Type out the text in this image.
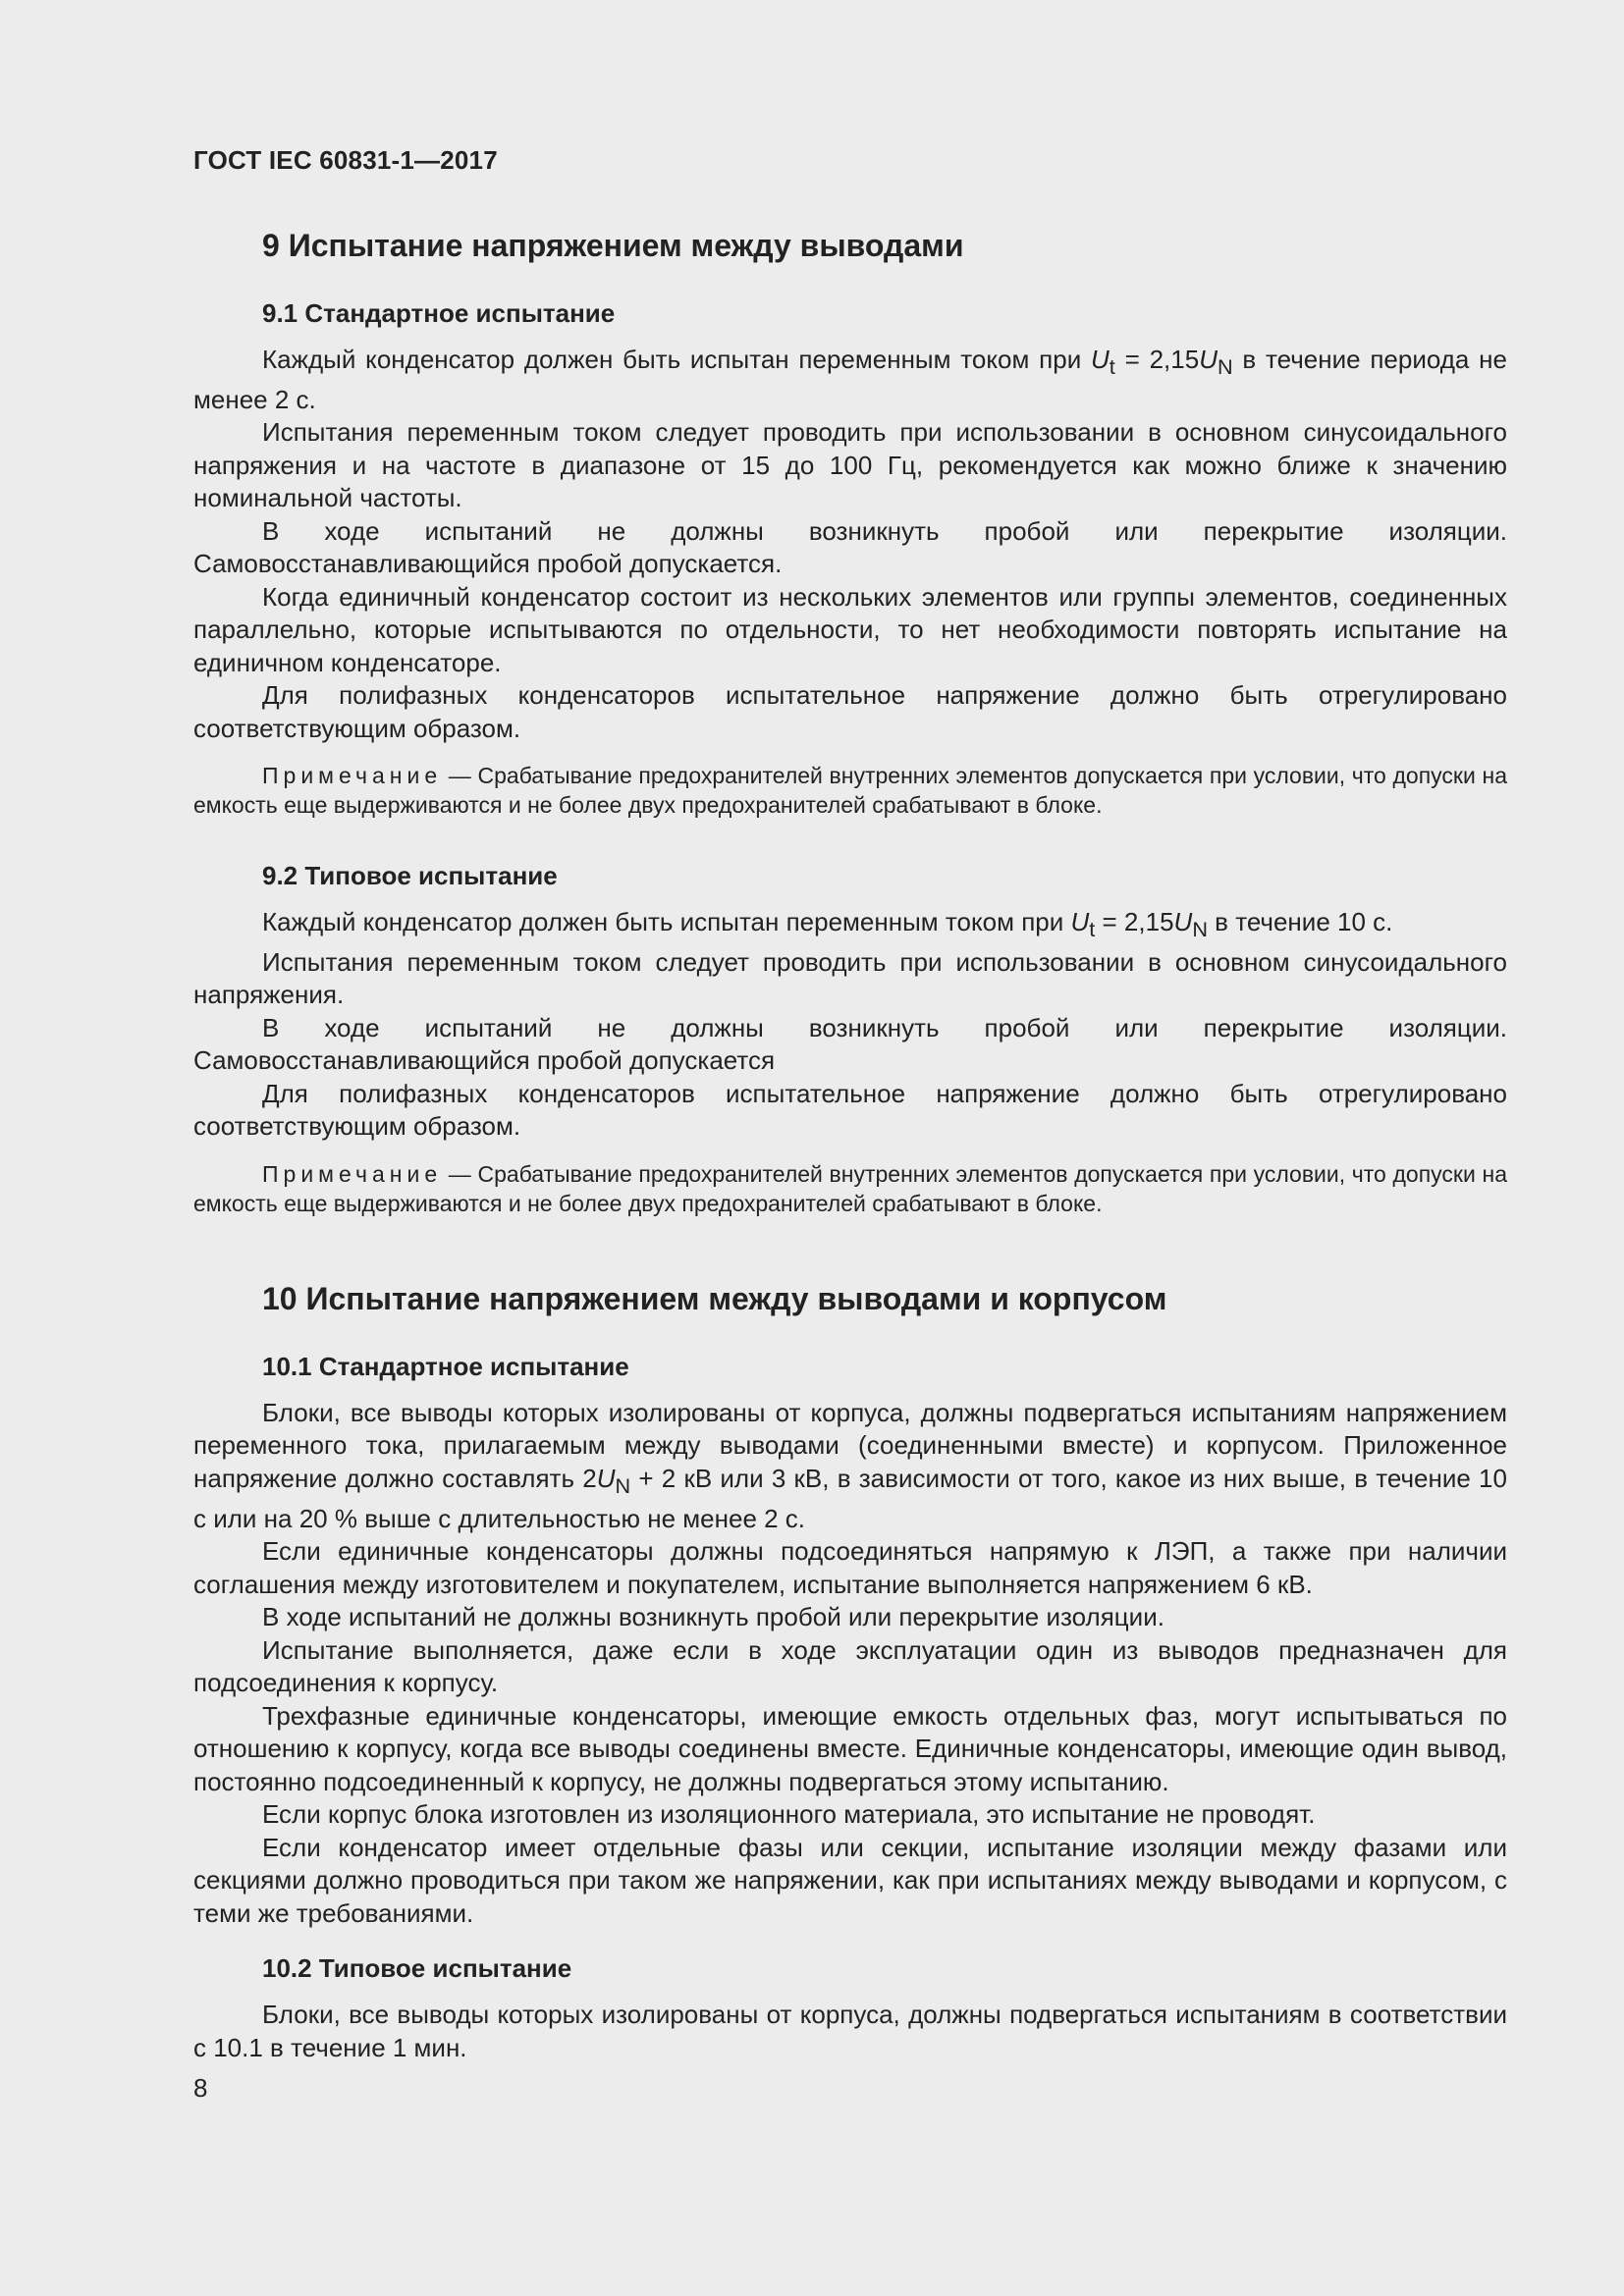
ГОСТ IEC 60831-1—2017
9 Испытание напряжением между выводами
9.1 Стандартное испытание

Каждый конденсатор должен быть испытан переменным током при $U_t = 2,15U_N$ в течение периода не менее 2 с.

Испытания переменным током следует проводить при использовании в основном синусоидального напряжения и на частоте в диапазоне от 15 до 100 Гц, рекомендуется как можно ближе к значению номинальной частоты.

В ходе испытаний не должны возникнуть пробой или перекрытие изоляции. Самовосстанавливающийся пробой допускается.

Когда единичный конденсатор состоит из нескольких элементов или группы элементов, соединенных параллельно, которые испытываются по отдельности, то нет необходимости повторять испытание на единичном конденсаторе.

Для полифазных конденсаторов испытательное напряжение должно быть отрегулировано соответствующим образом.

Примечание — Срабатывание предохранителей внутренних элементов допускается при условии, что допуски на емкость еще выдерживаются и не более двух предохранителей срабатывают в блоке.

9.2 Типовое испытание

Каждый конденсатор должен быть испытан переменным током при $U_t = 2,15U_N$ в течение 10 с.

Испытания переменным током следует проводить при использовании в основном синусоидального напряжения.

В ходе испытаний не должны возникнуть пробой или перекрытие изоляции. Самовосстанавливающийся пробой допускается

Для полифазных конденсаторов испытательное напряжение должно быть отрегулировано соответствующим образом.

Примечание — Срабатывание предохранителей внутренних элементов допускается при условии, что допуски на емкость еще выдерживаются и не более двух предохранителей срабатывают в блоке.

10 Испытание напряжением между выводами и корпусом
10.1 Стандартное испытание

Блоки, все выводы которых изолированы от корпуса, должны подвергаться испытаниям напряжением переменного тока, прилагаемым между выводами (соединенными вместе) и корпусом. Приложенное напряжение должно составлять $2U_N + 2$ кВ или 3 кВ, в зависимости от того, какое из них выше, в течение 10 с или на 20 % выше с длительностью не менее 2 с.

Если единичные конденсаторы должны подсоединяться напрямую к ЛЭП, а также при наличии соглашения между изготовителем и покупателем, испытание выполняется напряжением 6 кВ.

В ходе испытаний не должны возникнуть пробой или перекрытие изоляции.

Испытание выполняется, даже если в ходе эксплуатации один из выводов предназначен для подсоединения к корпусу.

Трехфазные единичные конденсаторы, имеющие емкость отдельных фаз, могут испытываться по отношению к корпусу, когда все выводы соединены вместе. Единичные конденсаторы, имеющие один вывод, постоянно подсоединенный к корпусу, не должны подвергаться этому испытанию.

Если корпус блока изготовлен из изоляционного материала, это испытание не проводят.

Если конденсатор имеет отдельные фазы или секции, испытание изоляции между фазами или секциями должно проводиться при таком же напряжении, как при испытаниях между выводами и корпусом, с теми же требованиями.

10.2 Типовое испытание

Блоки, все выводы которых изолированы от корпуса, должны подвергаться испытаниям в соответствии с 10.1 в течение 1 мин.

8
